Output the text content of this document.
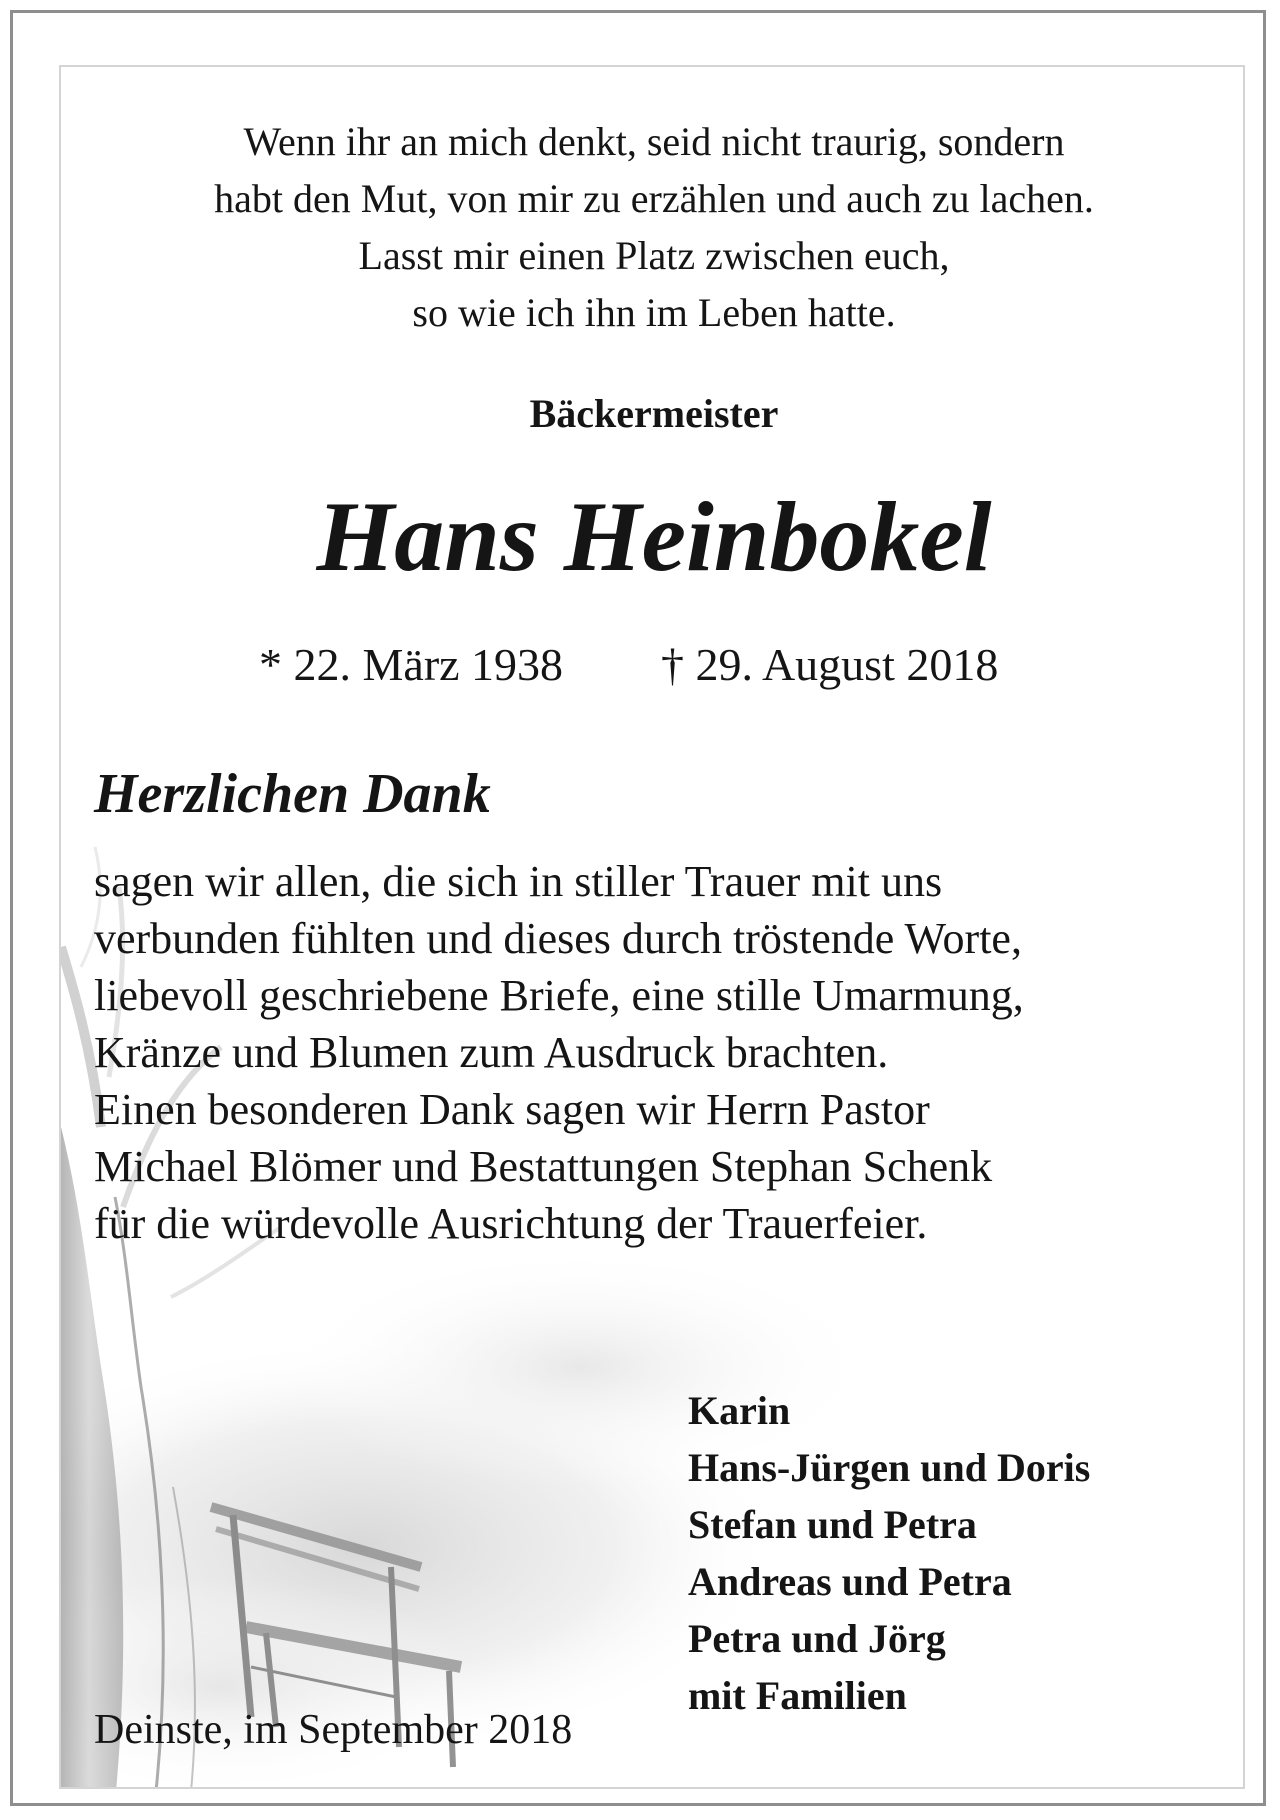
Wenn ihr an mich denkt, seid nicht traurig, sondern
habt den Mut, von mir zu erzählen und auch zu lachen.
Lasst mir einen Platz zwischen euch,
so wie ich ihn im Leben hatte.

Bäckermeister
Hans Heinbokel
* 22. März 1938 † 29. August 2018
Herzlichen Dank

sagen wir allen, die sich in stiller Trauer mit uns
verbunden fühlten und dieses durch tröstende Worte,
liebevoll geschriebene Briefe, eine stille Umarmung,
Kränze und Blumen zum Ausdruck brachten.
Einen besonderen Dank sagen wir Herrn Pastor
Michael Blömer und Bestattungen Stephan Schenk
für die würdevolle Ausrichtung der Trauerfeier.

Karin
Hans-Jürgen und Doris
Stefan und Petra
Andreas und Petra
Petra und Jörg
mit Familien
Deinste, im September 2018
